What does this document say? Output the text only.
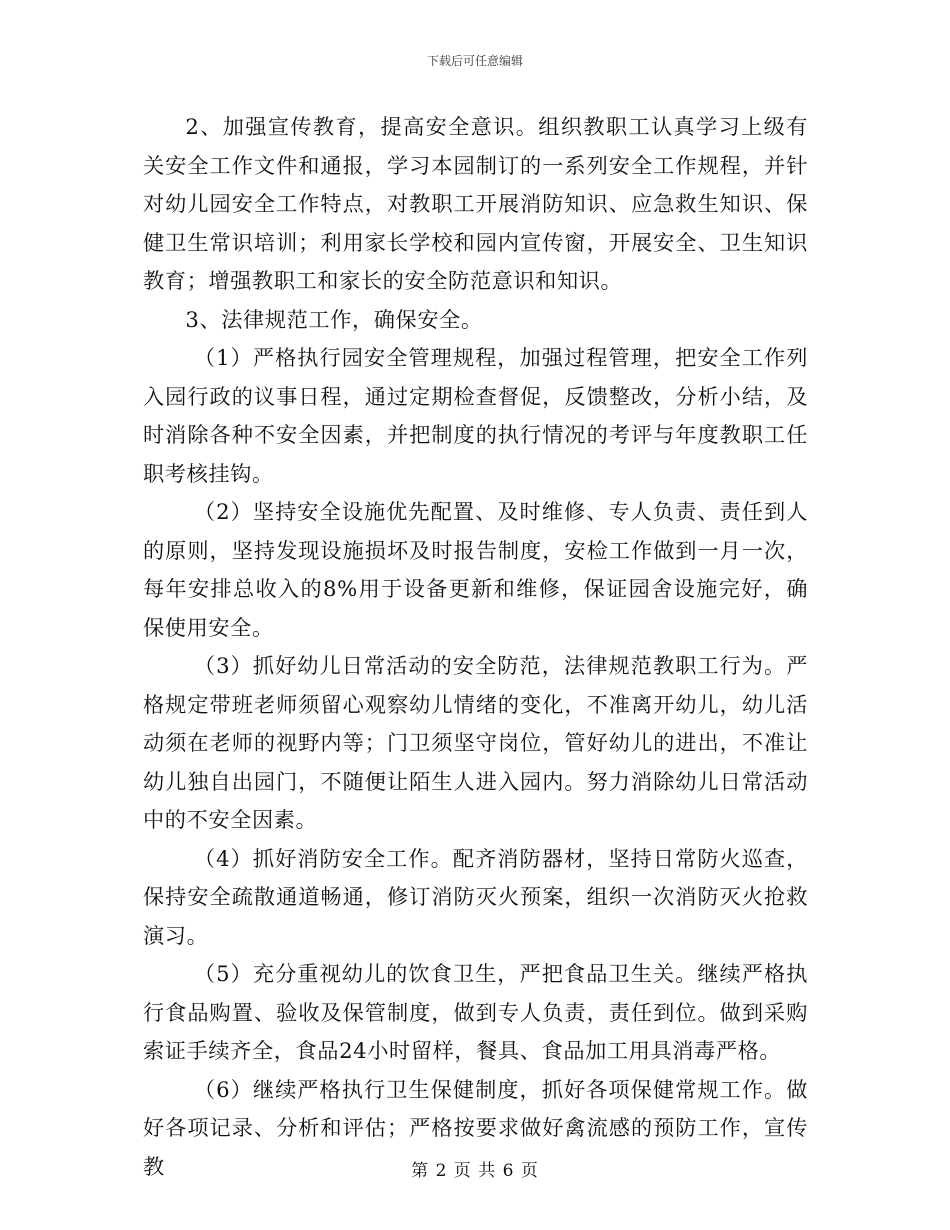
下载后可任意编辑

2、加强宣传教育，提高安全意识。组织教职工认真学习上级有关安全工作文件和通报，学习本园制订的一系列安全工作规程，并针对幼儿园安全工作特点，对教职工开展消防知识、应急救生知识、保健卫生常识培训；利用家长学校和园内宣传窗，开展安全、卫生知识教育；增强教职工和家长的安全防范意识和知识。

3、法律规范工作，确保安全。

（1）严格执行园安全管理规程，加强过程管理，把安全工作列入园行政的议事日程，通过定期检查督促，反馈整改，分析小结，及时消除各种不安全因素，并把制度的执行情况的考评与年度教职工任职考核挂钩。

（2）坚持安全设施优先配置、及时维修、专人负责、责任到人的原则，坚持发现设施损坏及时报告制度，安检工作做到一月一次，每年安排总收入的8%用于设备更新和维修，保证园舍设施完好，确保使用安全。

（3）抓好幼儿日常活动的安全防范，法律规范教职工行为。严格规定带班老师须留心观察幼儿情绪的变化，不准离开幼儿，幼儿活动须在老师的视野内等；门卫须坚守岗位，管好幼儿的进出，不准让幼儿独自出园门，不随便让陌生人进入园内。努力消除幼儿日常活动中的不安全因素。

（4）抓好消防安全工作。配齐消防器材，坚持日常防火巡查，保持安全疏散通道畅通，修订消防灭火预案，组织一次消防灭火抢救演习。

（5）充分重视幼儿的饮食卫生，严把食品卫生关。继续严格执行食品购置、验收及保管制度，做到专人负责，责任到位。做到采购索证手续齐全，食品24小时留样，餐具、食品加工用具消毒严格。

（6）继续严格执行卫生保健制度，抓好各项保健常规工作。做好各项记录、分析和评估；严格按要求做好禽流感的预防工作，宣传教	第 2 页 共 6 页
